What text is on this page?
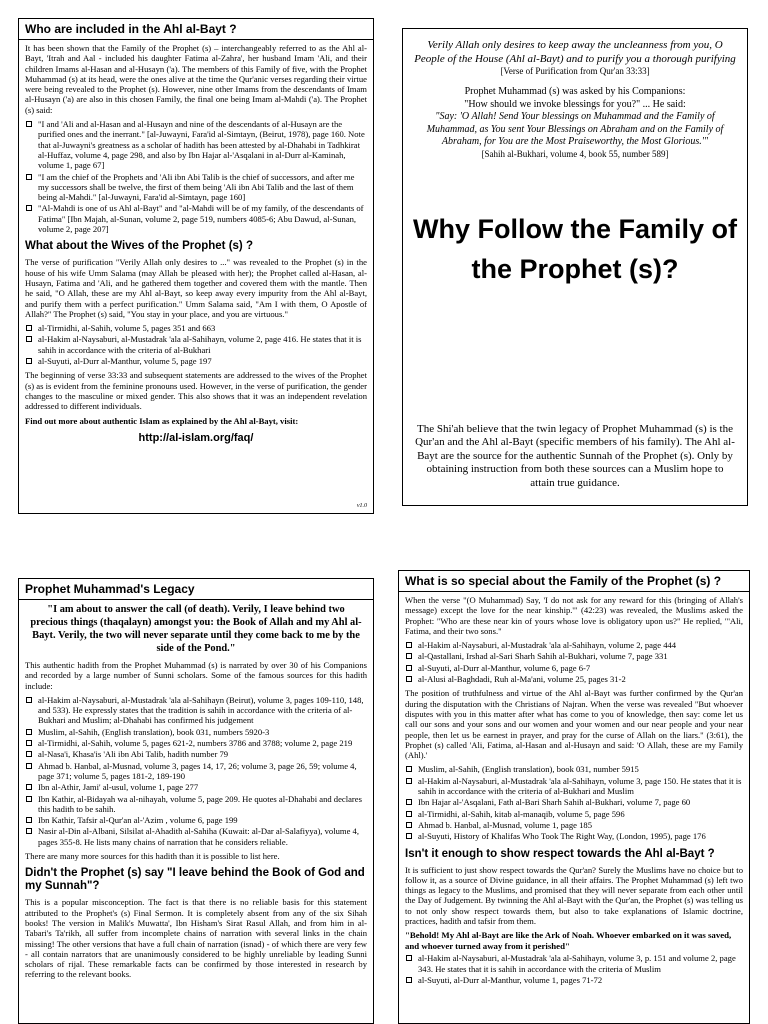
Who are included in the Ahl al-Bayt ?

It has been shown that the Family of the Prophet (s) – interchangeably referred to as the Ahl al-Bayt, 'Itrah and Aal - included his daughter Fatima al-Zahra', her husband Imam 'Ali, and their children Imams al-Hasan and al-Husayn ('a). The members of this Family of five, with the Prophet Muhammad (s) at its head, were the ones alive at the time the Qur'anic verses regarding their virtue were being revealed to the Prophet (s). However, nine other Imams from the descendants of Imam al-Husayn ('a) are also in this chosen Family, the final one being Imam al-Mahdi ('a). The Prophet (s) said:

"I and 'Ali and al-Hasan and al-Husayn and nine of the descendants of al-Husayn are the purified ones and the inerrant." [al-Juwayni, Fara'id al-Simtayn, (Beirut, 1978), page 160. Note that al-Juwayni's greatness as a scholar of hadith has been attested by al-Dhahabi in Tadhkirat al-Huffaz, volume 4, page 298, and also by Ibn Hajar al-'Asqalani in al-Durr al-Kaminah, volume 1, page 67]
"I am the chief of the Prophets and 'Ali ibn Abi Talib is the chief of successors, and after me my successors shall be twelve, the first of them being 'Ali ibn Abi Talib and the last of them being al-Mahdi." [al-Juwayni, Fara'id al-Simtayn, page 160]
"Al-Mahdi is one of us Ahl al-Bayt" and "al-Mahdi will be of my family, of the descendants of Fatima" [Ibn Majah, al-Sunan, volume 2, page 519, numbers 4085-6; Abu Dawud, al-Sunan, volume 2, page 207]
What about the Wives of the Prophet (s) ?

The verse of purification "Verily Allah only desires to ..." was revealed to the Prophet (s) in the house of his wife Umm Salama (may Allah be pleased with her); the Prophet called al-Hasan, al-Husayn, Fatima and 'Ali, and he gathered them together and covered them with the mantle. Then he said, "O Allah, these are my Ahl al-Bayt, so keep away every impurity from the Ahl al-Bayt, and purify them with a perfect purification." Umm Salama said, "Am I with them, O Apostle of Allah?" The Prophet (s) said, "You stay in your place, and you are virtuous."

al-Tirmidhi, al-Sahih, volume 5, pages 351 and 663
al-Hakim al-Naysaburi, al-Mustadrak 'ala al-Sahihayn, volume 2, page 416. He states that it is sahih in accordance with the criteria of al-Bukhari
al-Suyuti, al-Durr al-Manthur, volume 5, page 197

The beginning of verse 33:33 and subsequent statements are addressed to the wives of the Prophet (s) as is evident from the feminine pronouns used. However, in the verse of purification, the gender changes to the masculine or mixed gender. This also shows that it was an independent revelation addressed to different individuals.

Find out more about authentic Islam as explained by the Ahl al-Bayt, visit:

http://al-islam.org/faq/
v1.0

Verily Allah only desires to keep away the uncleanness from you, O People of the House (Ahl al-Bayt) and to purify you a thorough purifying

[Verse of Purification from Qur'an 33:33]

Prophet Muhammad (s) was asked by his Companions:

"How should we invoke blessings for you?" ... He said:

"Say: 'O Allah! Send Your blessings on Muhammad and the Family of Muhammad, as You sent Your Blessings on Abraham and on the Family of Abraham, for You are the Most Praiseworthy, the Most Glorious.'"

[Sahih al-Bukhari, volume 4, book 55, number 589]

Why Follow the Family of the Prophet (s)?

The Shi'ah believe that the twin legacy of Prophet Muhammad (s) is the Qur'an and the Ahl al-Bayt (specific members of his family). The Ahl al-Bayt are the source for the authentic Sunnah of the Prophet (s). Only by obtaining instruction from both these sources can a Muslim hope to attain true guidance.

Prophet Muhammad's Legacy
"I am about to answer the call (of death). Verily, I leave behind two precious things (thaqalayn) amongst you: the Book of Allah and my Ahl al-Bayt. Verily, the two will never separate until they come back to me by the side of the Pond."

This authentic hadith from the Prophet Muhammad (s) is narrated by over 30 of his Companions and recorded by a large number of Sunni scholars. Some of the famous sources for this hadith include:

al-Hakim al-Naysaburi, al-Mustadrak 'ala al-Sahihayn (Beirut), volume 3, pages 109-110, 148, and 533). He expressly states that the tradition is sahih in accordance with the criteria of al-Bukhari and Muslim; al-Dhahabi has confirmed his judgement
Muslim, al-Sahih, (English translation), book 031, numbers 5920-3
al-Tirmidhi, al-Sahih, volume 5, pages 621-2, numbers 3786 and 3788; volume 2, page 219
al-Nasa'i, Khasa'is 'Ali ibn Abi Talib, hadith number 79
Ahmad b. Hanbal, al-Musnad, volume 3, pages 14, 17, 26; volume 3, page 26, 59; volume 4, page 371; volume 5, pages 181-2, 189-190
Ibn al-Athir, Jami' al-usul, volume 1, page 277
Ibn Kathir, al-Bidayah wa al-nihayah, volume 5, page 209. He quotes al-Dhahabi and declares this hadith to be sahih.
Ibn Kathir, Tafsir al-Qur'an al-'Azim , volume 6, page 199
Nasir al-Din al-Albani, Silsilat al-Ahadith al-Sahiha (Kuwait: al-Dar al-Salafiyya), volume 4, pages 355-8. He lists many chains of narration that he considers reliable.

There are many more sources for this hadith than it is possible to list here.

Didn't the Prophet (s) say "I leave behind the Book of God and my Sunnah"?

This is a popular misconception. The fact is that there is no reliable basis for this statement attributed to the Prophet's (s) Final Sermon. It is completely absent from any of the six Sihah books! The version in Malik's Muwatta', Ibn Hisham's Sirat Rasul Allah, and from him in al-Tabari's Ta'rikh, all suffer from incomplete chains of narration with several links in the chain missing! The other versions that have a full chain of narration (isnad) - of which there are very few - all contain narrators that are unanimously considered to be highly unreliable by leading Sunni scholars of rijal. These remarkable facts can be confirmed by those interested in research by referring to the relevant books.

What is so special about the Family of the Prophet (s) ?

When the verse "(O Muhammad) Say, 'I do not ask for any reward for this (bringing of Allah's message) except the love for the near kinship.'" (42:23) was revealed, the Muslims asked the Prophet: "Who are these near kin of yours whose love is obligatory upon us?" He replied, "'Ali, Fatima, and their two sons."

al-Hakim al-Naysaburi, al-Mustadrak 'ala al-Sahihayn, volume 2, page 444
al-Qastallani, Irshad al-Sari Sharh Sahih al-Bukhari, volume 7, page 331
al-Suyuti, al-Durr al-Manthur, volume 6, page 6-7
al-Alusi al-Baghdadi, Ruh al-Ma'ani, volume 25, pages 31-2

The position of truthfulness and virtue of the Ahl al-Bayt was further confirmed by the Qur'an during the disputation with the Christians of Najran. When the verse was revealed "But whoever disputes with you in this matter after what has come to you of knowledge, then say: come let us call our sons and your sons and our women and your women and our near people and your near people, then let us be earnest in prayer, and pray for the curse of Allah on the liars." (3:61), the Prophet (s) called 'Ali, Fatima, al-Hasan and al-Husayn and said: 'O Allah, these are my Family (Ahl).'

Muslim, al-Sahih, (English translation), book 031, number 5915
al-Hakim al-Naysaburi, al-Mustadrak 'ala al-Sahihayn, volume 3, page 150. He states that it is sahih in accordance with the criteria of al-Bukhari and Muslim
Ibn Hajar al-'Asqalani, Fath al-Bari Sharh Sahih al-Bukhari, volume 7, page 60
al-Tirmidhi, al-Sahih, kitab al-manaqib, volume 5, page 596
Ahmad b. Hanbal, al-Musnad, volume 1, page 185
al-Suyuti, History of Khalifas Who Took The Right Way, (London, 1995), page 176
Isn't it enough to show respect towards the Ahl al-Bayt ?

It is sufficient to just show respect towards the Qur'an? Surely the Muslims have no choice but to follow it, as a source of Divine guidance, in all their affairs. The Prophet Muhammad (s) left two things as legacy to the Muslims, and promised that they will never separate from each other until the Day of Judgement. By twinning the Ahl al-Bayt with the Qur'an, the Prophet (s) was telling us to not only show respect towards them, but also to take explanations of Islamic doctrine, practices, hadith and tafsir from them.

"Behold! My Ahl al-Bayt are like the Ark of Noah. Whoever embarked on it was saved, and whoever turned away from it perished"
al-Hakim al-Naysaburi, al-Mustadrak 'ala al-Sahihayn, volume 3, p. 151 and volume 2, page 343. He states that it is sahih in accordance with the criteria of Muslim
al-Suyuti, al-Durr al-Manthur, volume 1, pages 71-72
